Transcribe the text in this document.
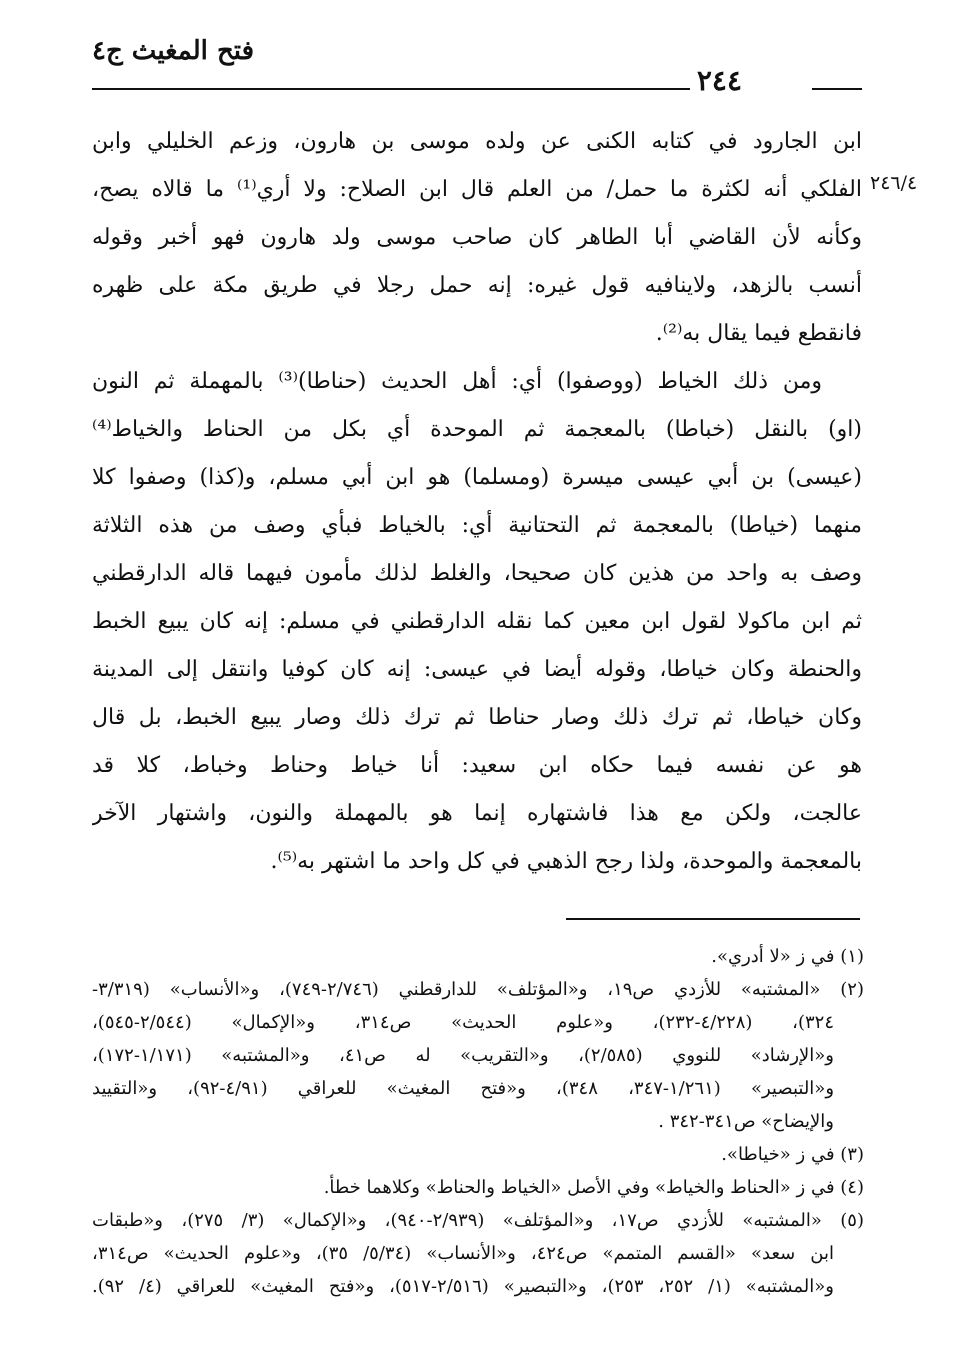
فتح المغيث ج٤
٢٤٤
٢٤٦/٤
ابن الجارود في كتابه الكنى عن ولده موسى بن هارون، وزعم الخليلي وابن
الفلكي أنه لكثرة ما حمل/ من العلم قال ابن الصلاح: ولا أري⁽¹⁾ ما قالاه يصح،
وكأنه لأن القاضي أبا الطاهر كان صاحب موسى ولد هارون فهو أخبر وقوله
أنسب بالزهد، ولاينافيه قول غيره: إنه حمل رجلا في طريق مكة على ظهره
فانقطع فيما يقال به⁽²⁾.
ومن ذلك الخياط (ووصفوا) أي: أهل الحديث (حناطا)⁽³⁾ بالمهملة ثم النون
(او) بالنقل (خباطا) بالمعجمة ثم الموحدة أي بكل من الحناط والخياط⁽⁴⁾
(عيسى) بن أبي عيسى ميسرة (ومسلما) هو ابن أبي مسلم، و(كذا) وصفوا كلا
منهما (خياطا) بالمعجمة ثم التحتانية أي: بالخياط فبأي وصف من هذه الثلاثة
وصف به واحد من هذين كان صحيحا، والغلط لذلك مأمون فيهما قاله الدارقطني
ثم ابن ماكولا لقول ابن معين كما نقله الدارقطني في مسلم: إنه كان يبيع الخبط
والحنطة وكان خياطا، وقوله أيضا في عيسى: إنه كان كوفيا وانتقل إلى المدينة
وكان خياطا، ثم ترك ذلك وصار حناطا ثم ترك ذلك وصار يبيع الخبط، بل قال
هو عن نفسه فيما حكاه ابن سعيد: أنا خياط وحناط وخباط، كلا قد
عالجت، ولكن مع هذا فاشتهاره إنما هو بالمهملة والنون، واشتهار الآخر
بالمعجمة والموحدة، ولذا رجح الذهبي في كل واحد ما اشتهر به⁽⁵⁾.
(١) في ز «لا أدري».
(٢) «المشتبه» للأزدي ص١٩، و«المؤتلف» للدارقطني (٢/٧٤٦-٧٤٩)، و«الأنساب» (٣/٣١٩-
٣٢٤)، (٤/٢٢٨-٢٣٢)، و«علوم الحديث» ص٣١٤، و«الإكمال» (٢/٥٤٤-٥٤٥)،
و«الإرشاد» للنووي (٢/٥٨٥)، و«التقريب» له ص٤١، و«المشتبه» (١/١٧١-١٧٢)،
و«التبصير» (١/٢٦١-٣٤٧، ٣٤٨)، و«فتح المغيث» للعراقي (٤/٩١-٩٢)، و«التقييد
والإيضاح» ص٣٤١-٣٤٢ .
(٣) في ز «خياطا».
(٤) في ز «الحناط والخياط» وفي الأصل «الخياط والحناط» وكلاهما خطأ.
(٥) «المشتبه» للأزدي ص١٧، و«المؤتلف» (٢/٩٣٩-٩٤٠)، و«الإكمال» (٣/ ٢٧٥)، و«طبقات
ابن سعد» «القسم المتمم» ص٤٢٤، و«الأنساب» (٥/٣٤/ ٣٥)، و«علوم الحديث» ص٣١٤،
و«المشتبه» (١/ ٢٥٢، ٢٥٣)، و«التبصير» (٢/٥١٦-٥١٧)، و«فتح المغيث» للعراقي (٤/ ٩٢).
